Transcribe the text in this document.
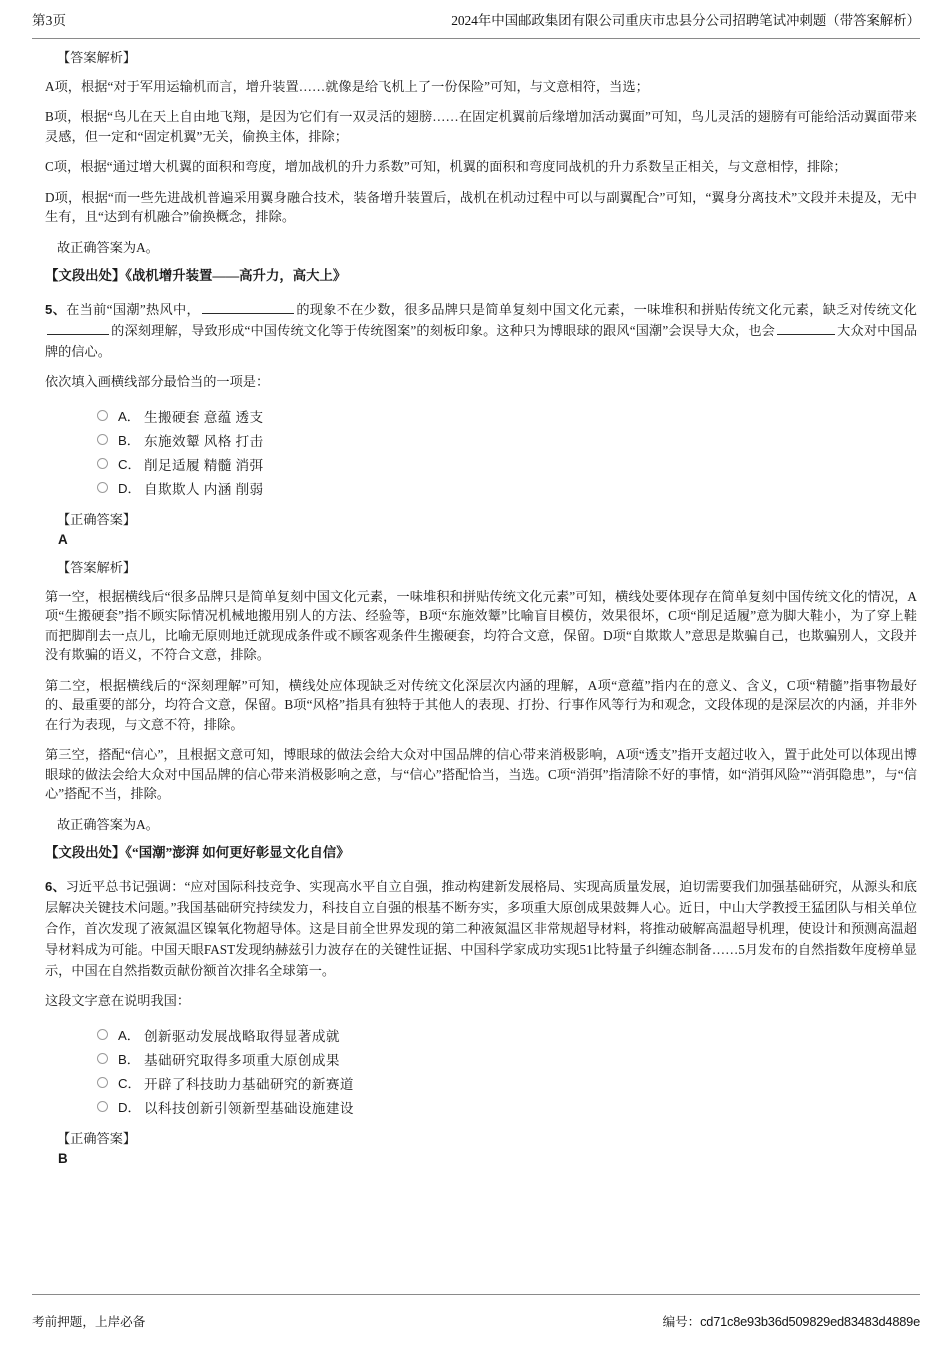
第3页	2024年中国邮政集团有限公司重庆市忠县分公司招聘笔试冲刺题（带答案解析）
【答案解析】

A项，根据“对于军用运输机而言，增升装置……就像是给飞机上了一份保险”可知，与文意相符，当选；

B项，根据“鸟儿在天上自由地飞翔，是因为它们有一双灵活的翅膀……在固定机翼前后缘增加活动翼面”可知，鸟儿灵活的翅膀有可能给活动翼面带来灵感，但一定和“固定机翼”无关，偷换主体，排除；

C项，根据“通过增大机翼的面积和弯度，增加战机的升力系数”可知，机翼的面积和弯度同战机的升力系数呈正相关，与文意相悖，排除；

D项，根据“而一些先进战机普遍采用翼身融合技术，装备增升装置后，战机在机动过程中可以与副翼配合”可知，“翼身分离技术”文段并未提及，无中生有，且“达到有机融合”偷换概念，排除。

故正确答案为A。
【文段出处】《战机增升装置——高升力，高大上》

5、在当前“国潮”热风中，	的现象不在少数，很多品牌只是简单复刻中国文化元素，一味堆积和拼贴传统文化元素，缺乏对传统文化的深刻理解，导致形成“中国传统文化等于传统图案”的刻板印象。这种只为博眼球的跟风“国潮”会误导大众，也会	大众对中国品牌的信心。

依次填入画横线部分最恰当的一项是：
A． 生搬硬套 意蕴 透支
B． 东施效颦 风格 打击
C． 削足适履 精髓 消弭
D． 自欺欺人 内涵 削弱
【正确答案】
A
【答案解析】

第一空，根据横线后“很多品牌只是简单复刻中国文化元素，一味堆积和拼贴传统文化元素”可知，横线处要体现存在简单复刻中国传统文化的情况，A项“生搬硬套”指不顾实际情况机械地搬用别人的方法、经验等，B项“东施效颦”比喻盲目模仿，效果很坏，C项“削足适履”意为脚大鞋小，为了穿上鞋而把脚削去一点儿，比喻无原则地迁就现成条件或不顾客观条件生搬硬套，均符合文意，保留。D项“自欺欺人”意思是欺骗自己，也欺骗别人，文段并没有欺骗的语义，不符合文意，排除。

第二空，根据横线后的“深刻理解”可知，横线处应体现缺乏对传统文化深层次内涵的理解，A项“意蕴”指内在的意义、含义，C项“精髓”指事物最好的、最重要的部分，均符合文意，保留。B项“风格”指具有独特于其他人的表现、打扮、行事作风等行为和观念，文段体现的是深层次的内涵，并非外在行为表现，与文意不符，排除。

第三空，搭配“信心”，且根据文意可知，博眼球的做法会给大众对中国品牌的信心带来消极影响，A项“透支”指开支超过收入，置于此处可以体现出博眼球的做法会给大众对中国品牌的信心带来消极影响之意，与“信心”搭配恰当，当选。C项“消弭”指清除不好的事情，如“消弭风险”“消弭隐患”，与“信心”搭配不当，排除。

故正确答案为A。
【文段出处】《“国潮”澎湃 如何更好彰显文化自信》

6、习近平总书记强调：“应对国际科技竞争、实现高水平自立自强，推动构建新发展格局、实现高质量发展，迫切需要我们加强基础研究，从源头和底层解决关键技术问题。”我国基础研究持续发力，科技自立自强的根基不断夯实，多项重大原创成果鼓舞人心。近日，中山大学教授王猛团队与相关单位合作，首次发现了液氮温区镍氧化物超导体。这是目前全世界发现的第二种液氮温区非常规超导材料，将推动破解高温超导机理，使设计和预测高温超导材料成为可能。中国天眼FAST发现纳赫兹引力波存在的关键性证据、中国科学家成功实现51比特量子纠缠态制备……5月发布的自然指数年度榜单显示，中国在自然指数贡献份额首次排名全球第一。

这段文字意在说明我国：
A． 创新驱动发展战略取得显著成就
B． 基础研究取得多项重大原创成果
C． 开辟了科技助力基础研究的新赛道
D． 以科技创新引领新型基础设施建设
【正确答案】
B
考前押题，上岸必备	编号：cd71c8e93b36d509829ed83483d4889e
